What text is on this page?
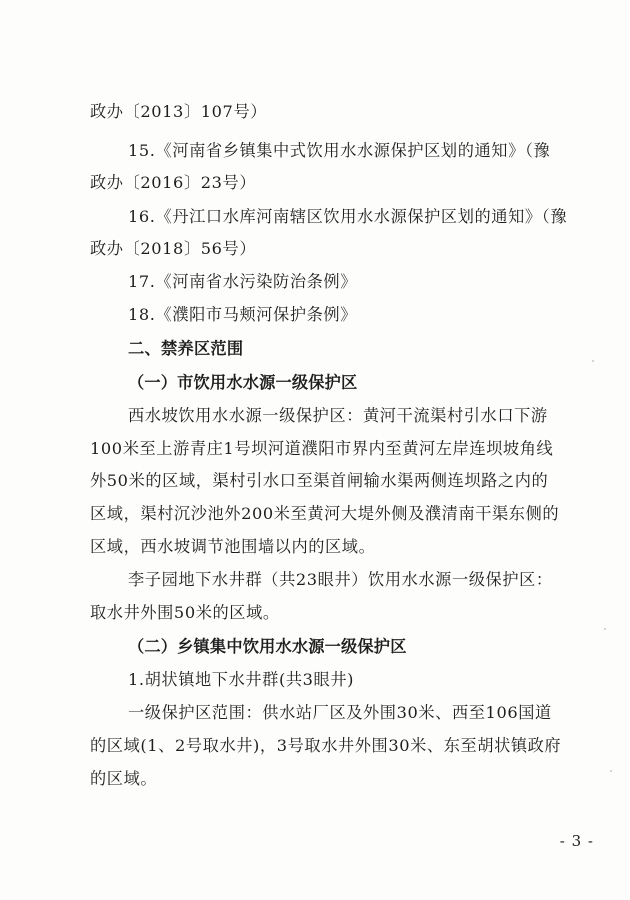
政办〔2013〕107号）
15.《河南省乡镇集中式饮用水水源保护区划的通知》（豫
政办〔2016〕23号）
16.《丹江口水库河南辖区饮用水水源保护区划的通知》（豫
政办〔2018〕56号）
17.《河南省水污染防治条例》
18.《濮阳市马颊河保护条例》
二、禁养区范围
（一）市饮用水水源一级保护区
西水坡饮用水水源一级保护区：黄河干流渠村引水口下游
100米至上游青庄1号坝河道濮阳市界内至黄河左岸连坝坡角线
外50米的区域，渠村引水口至渠首闸输水渠两侧连坝路之内的
区域，渠村沉沙池外200米至黄河大堤外侧及濮清南干渠东侧的
区域，西水坡调节池围墙以内的区域。
李子园地下水井群（共23眼井）饮用水水源一级保护区：
取水井外围50米的区域。
（二）乡镇集中饮用水水源一级保护区
1.胡状镇地下水井群(共3眼井)
一级保护区范围：供水站厂区及外围30米、西至106国道
的区域(1、2号取水井)，3号取水井外围30米、东至胡状镇政府
的区域。
- 3 -
